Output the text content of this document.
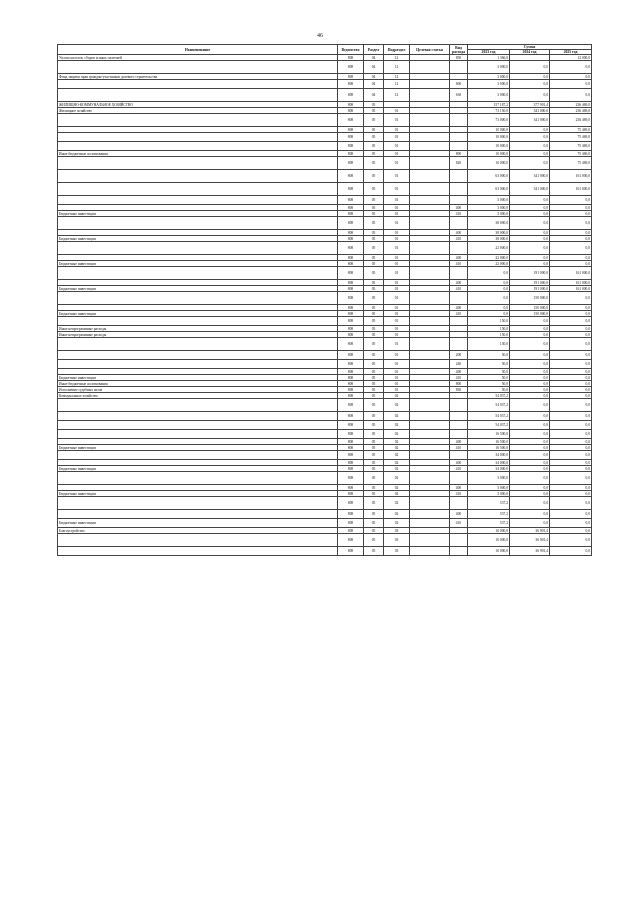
46
Наименование	Ведомство	Раздел	Подраздел	Целевая статья	Вид расхода	Сумма		
						2023 год	2024 год	2025 год
Уплата налогов, сборов и иных платежей	808	04	12		850	1 366,0		12 000,0
	808	04	12			3 000,0	0,0	0,0
Фонд защиты прав граждан-участников долевого строительства	808	04	12			3 000,0	0,0	0,0
	808	04	12		600	3 000,0	0,0	0,0
	808	04	12		630	3 000,0	0,0	0,0
ЖИЛИЩНО-КОММУНАЛЬНОЕ ХОЗЯЙСТВО	808	05				157 187,2	377 901,4	236 469,0
Жилищное хозяйство	808	05	01			73 150,0	341 000,0	236 469,0
	808	05	01			73 000,0	341 000,0	236 469,0
	808	05	01			10 000,0	0,0	75 469,0
	808	05	01			10 000,0	0,0	75 469,0
	808	05	01			10 000,0	0,0	75 469,0
Иные бюджетные ассигнования	808	05	01		800	10 000,0	0,0	75 469,0
	808	05	01		820	10 000,0	0,0	75 469,0
	808	05	01			63 000,0	341 000,0	161 000,0
	808	05	01			63 000,0	341 000,0	161 000,0
	808	05	01			3 000,0	0,0	0,0
	808	05	01		400	3 000,0	0,0	0,0
Бюджетные инвестиции	808	05	01		410	3 000,0	0,0	0,0
	808	05	01			38 000,0	0,0	0,0
	808	05	01		400	38 000,0	0,0	0,0
Бюджетные инвестиции	808	05	01		410	38 000,0	0,0	0,0
	808	05	01			22 000,0	0,0	0,0
	808	05	01		400	22 000,0	0,0	0,0
Бюджетные инвестиции	808	05	01		410	22 000,0	0,0	0,0
	808	05	01			0,0	191 000,0	161 000,0
	808	05	01		400	0,0	191 000,0	161 000,0
Бюджетные инвестиции	808	05	01		410	0,0	191 000,0	161 000,0
	808	05	01			0,0	150 000,0	0,0
	808	05	01		400	0,0	150 000,0	0,0
Бюджетные инвестиции	808	05	01		410	0,0	150 000,0	0,0
	808	05	01			150,0	0,0	0,0
Иные непрограммные расходы	808	05	01			150,0	0,0	0,0
Иные непрограммные расходы	808	05	01			150,0	0,0	0,0
	808	05	01			150,0	0,0	0,0
	808	05	01		200	50,0	0,0	0,0
	808	05	01		240	50,0	0,0	0,0
	808	05	01		400	50,0	0,0	0,0
Бюджетные инвестиции	808	05	01		410	50,0	0,0	0,0
Иные бюджетные ассигнования	808	05	01		800	50,0	0,0	0,0
Исполнение судебных актов	808	05	01		830	50,0	0,0	0,0
Коммунальное хозяйство	808	05	02			54 037,2	0,0	0,0
	808	05	02			54 037,2	0,0	0,0
	808	05	02			54 037,2	0,0	0,0
	808	05	02			54 037,2	0,0	0,0
	808	05	02			16 500,0	0,0	0,0
	808	05	02		400	16 500,0	0,0	0,0
Бюджетные инвестиции	808	05	02		410	16 500,0	0,0	0,0
	808	05	02			34 000,0	0,0	0,0
	808	05	02		400	34 000,0	0,0	0,0
Бюджетные инвестиции	808	05	02		410	34 000,0	0,0	0,0
	808	05	02			3 000,0	0,0	0,0
	808	05	02		400	3 000,0	0,0	0,0
Бюджетные инвестиции	808	05	02		410	3 000,0	0,0	0,0
	808	05	02			537,2	0,0	0,0
	808	05	02		400	537,2	0,0	0,0
Бюджетные инвестиции	808	05	02		410	537,2	0,0	0,0
Благоустройство	808	05	03			10 000,0	36 901,4	0,0
	808	05	03			10 000,0	36 901,4	0,0
	808	05	03			10 000,0	36 901,4	0,0
